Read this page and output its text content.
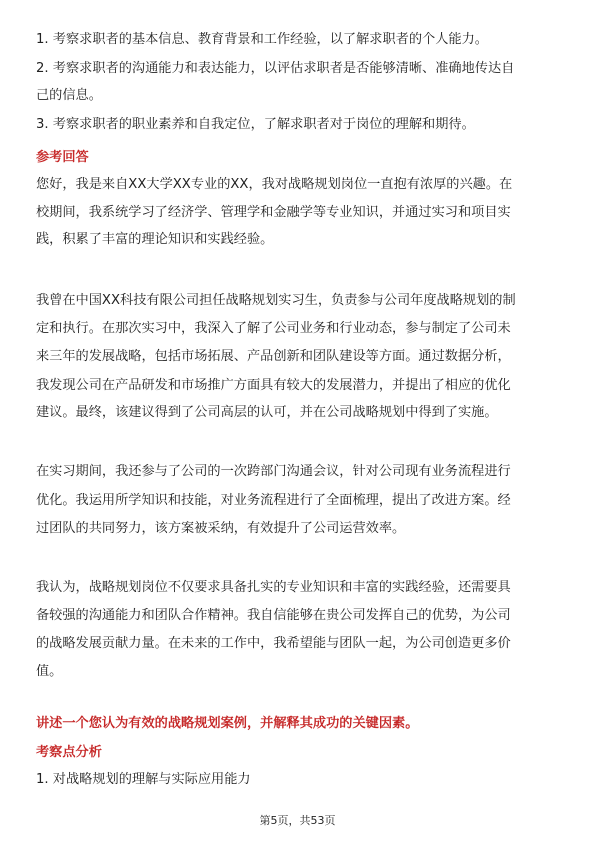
1. 考察求职者的基本信息、教育背景和工作经验，以了解求职者的个人能力。
2. 考察求职者的沟通能力和表达能力，以评估求职者是否能够清晰、准确地传达自
己的信息。
3. 考察求职者的职业素养和自我定位，了解求职者对于岗位的理解和期待。
参考回答
您好，我是来自XX大学XX专业的XX，我对战略规划岗位一直抱有浓厚的兴趣。在
校期间，我系统学习了经济学、管理学和金融学等专业知识，并通过实习和项目实
践，积累了丰富的理论知识和实践经验。
我曾在中国XX科技有限公司担任战略规划实习生，负责参与公司年度战略规划的制
定和执行。在那次实习中，我深入了解了公司业务和行业动态，参与制定了公司未
来三年的发展战略，包括市场拓展、产品创新和团队建设等方面。通过数据分析，
我发现公司在产品研发和市场推广方面具有较大的发展潜力，并提出了相应的优化
建议。最终，该建议得到了公司高层的认可，并在公司战略规划中得到了实施。
在实习期间，我还参与了公司的一次跨部门沟通会议，针对公司现有业务流程进行
优化。我运用所学知识和技能，对业务流程进行了全面梳理，提出了改进方案。经
过团队的共同努力，该方案被采纳，有效提升了公司运营效率。
我认为，战略规划岗位不仅要求具备扎实的专业知识和丰富的实践经验，还需要具
备较强的沟通能力和团队合作精神。我自信能够在贵公司发挥自己的优势，为公司
的战略发展贡献力量。在未来的工作中，我希望能与团队一起，为公司创造更多价
值。
讲述一个您认为有效的战略规划案例，并解释其成功的关键因素。
考察点分析
1. 对战略规划的理解与实际应用能力
第5页，共53页
